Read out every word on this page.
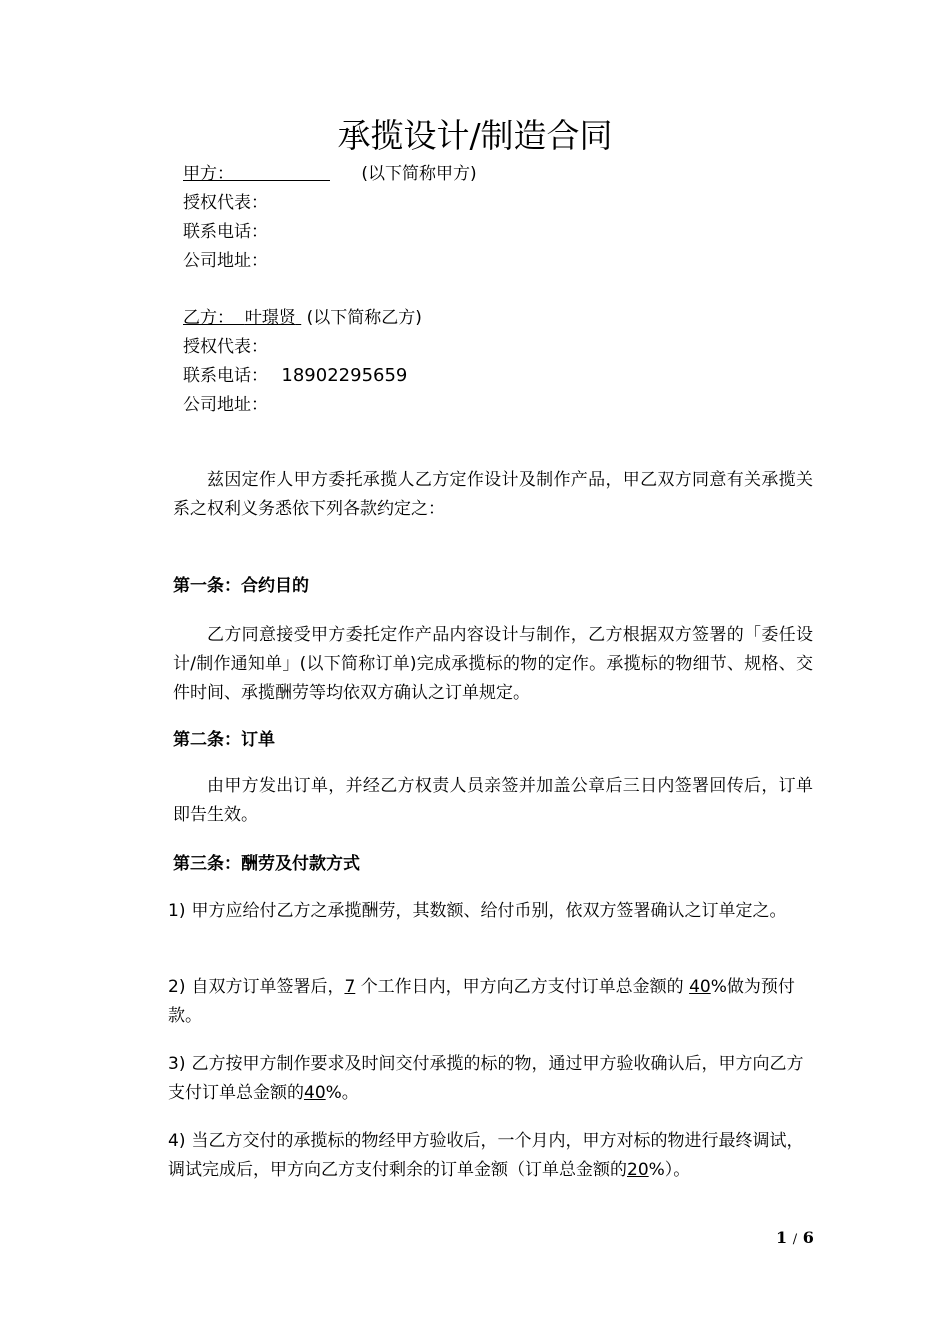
承揽设计/制造合同
甲方：	(以下简称甲方)
授权代表：
联系电话：
公司地址：
乙方： 叶璟贤 (以下简称乙方)
授权代表：
联系电话： 18902295659
公司地址：
兹因定作人甲方委托承揽人乙方定作设计及制作产品，甲乙双方同意有关承揽关系之权利义务悉依下列各款约定之：
第一条：合约目的
乙方同意接受甲方委托定作产品内容设计与制作，乙方根据双方签署的「委任设计/制作通知单」(以下简称订单)完成承揽标的物的定作。承揽标的物细节、规格、交件时间、承揽酬劳等均依双方确认之订单规定。
第二条：订单
由甲方发出订单，并经乙方权责人员亲签并加盖公章后三日内签署回传后，订单即告生效。
第三条：酬劳及付款方式
1) 甲方应给付乙方之承揽酬劳，其数额、给付币别，依双方签署确认之订单定之。
2) 自双方订单签署后，7 个工作日内，甲方向乙方支付订单总金额的 40%做为预付款。
3) 乙方按甲方制作要求及时间交付承揽的标的物，通过甲方验收确认后，甲方向乙方支付订单总金额的40%。
4) 当乙方交付的承揽标的物经甲方验收后，一个月内，甲方对标的物进行最终调试，调试完成后，甲方向乙方支付剩余的订单金额（订单总金额的20%）。
1 / 6
